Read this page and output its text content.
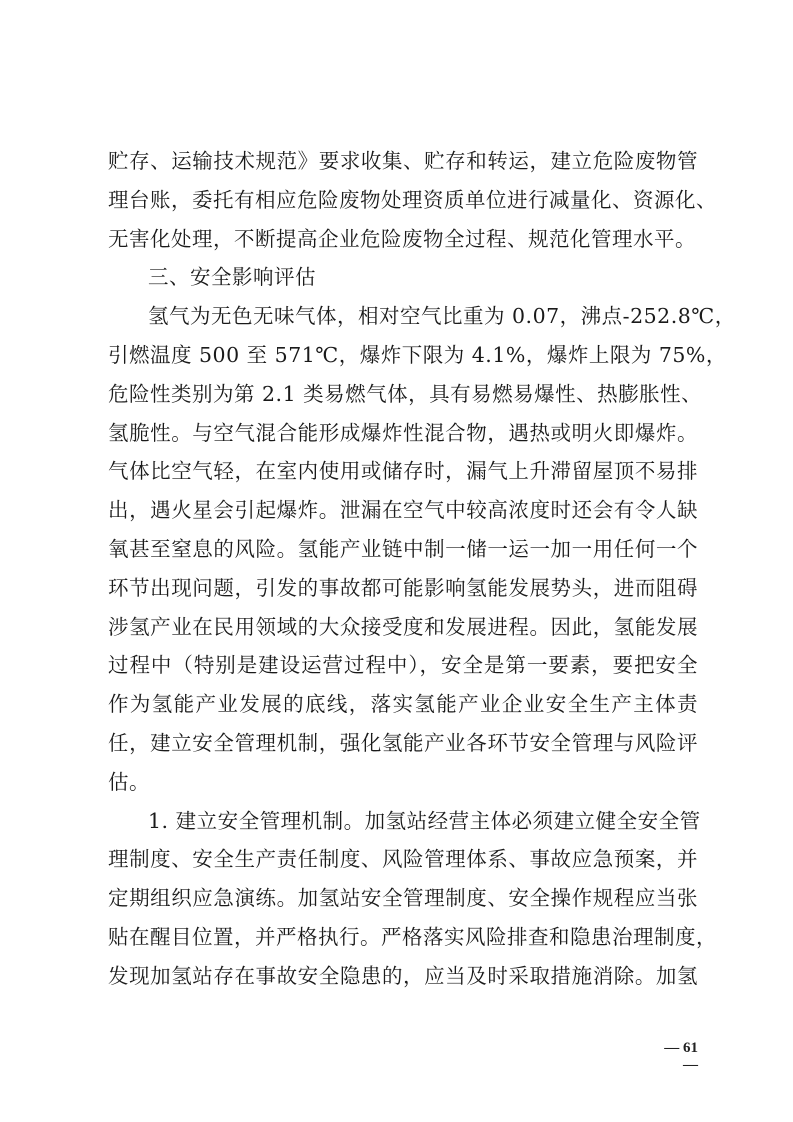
贮存、运输技术规范》要求收集、贮存和转运，建立危险废物管
理台账，委托有相应危险废物处理资质单位进行减量化、资源化、
无害化处理，不断提高企业危险废物全过程、规范化管理水平。
三、安全影响评估
氢气为无色无味气体，相对空气比重为 0.07，沸点-252.8℃，
引燃温度 500 至 571℃，爆炸下限为 4.1%，爆炸上限为 75%，
危险性类别为第 2.1 类易燃气体，具有易燃易爆性、热膨胀性、
氢脆性。与空气混合能形成爆炸性混合物，遇热或明火即爆炸。
气体比空气轻，在室内使用或储存时，漏气上升滞留屋顶不易排
出，遇火星会引起爆炸。泄漏在空气中较高浓度时还会有令人缺
氧甚至窒息的风险。氢能产业链中制一储一运一加一用任何一个
环节出现问题，引发的事故都可能影响氢能发展势头，进而阻碍
涉氢产业在民用领域的大众接受度和发展进程。因此，氢能发展
过程中（特别是建设运营过程中），安全是第一要素，要把安全
作为氢能产业发展的底线，落实氢能产业企业安全生产主体责
任，建立安全管理机制，强化氢能产业各环节安全管理与风险评
估。
1. 建立安全管理机制。加氢站经营主体必须建立健全安全管
理制度、安全生产责任制度、风险管理体系、事故应急预案，并
定期组织应急演练。加氢站安全管理制度、安全操作规程应当张
贴在醒目位置，并严格执行。严格落实风险排查和隐患治理制度，
发现加氢站存在事故安全隐患的，应当及时采取措施消除。加氢
— 61 —
